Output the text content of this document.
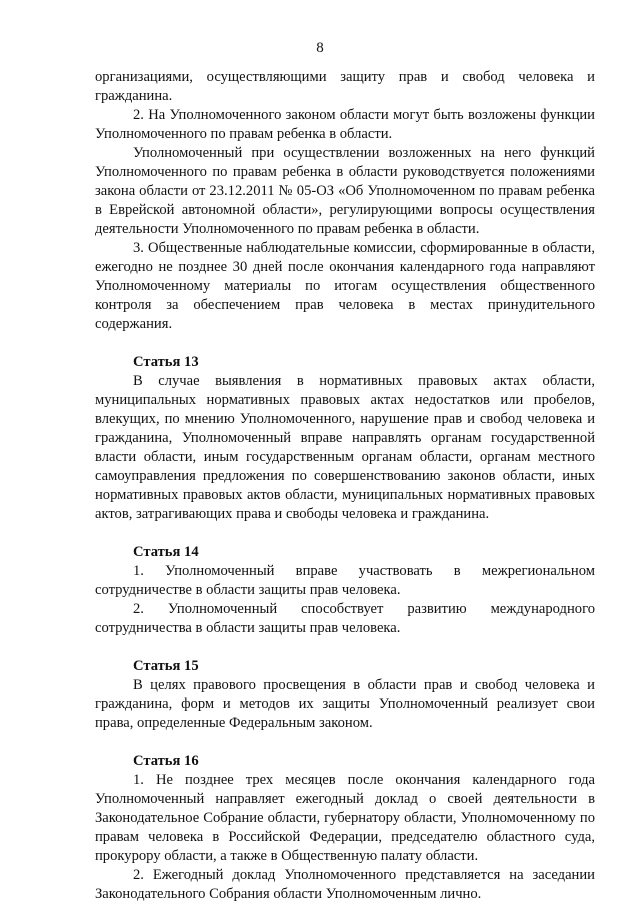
8

организациями, осуществляющими защиту прав и свобод человека и гражданина.

2. На Уполномоченного законом области могут быть возложены функции Уполномоченного по правам ребенка в области.

Уполномоченный при осуществлении возложенных на него функций Уполномоченного по правам ребенка в области руководствуется положениями закона области от 23.12.2011 № 05-ОЗ «Об Уполномоченном по правам ребенка в Еврейской автономной области», регулирующими вопросы осуществления деятельности Уполномоченного по правам ребенка в области.

3. Общественные наблюдательные комиссии, сформированные в области, ежегодно не позднее 30 дней после окончания календарного года направляют Уполномоченному материалы по итогам осуществления общественного контроля за обеспечением прав человека в местах принудительного содержания.

Статья 13

В случае выявления в нормативных правовых актах области, муниципальных нормативных правовых актах недостатков или пробелов, влекущих, по мнению Уполномоченного, нарушение прав и свобод человека и гражданина, Уполномоченный вправе направлять органам государственной власти области, иным государственным органам области, органам местного самоуправления предложения по совершенствованию законов области, иных нормативных правовых актов области, муниципальных нормативных правовых актов, затрагивающих права и свободы человека и гражданина.

Статья 14

1. Уполномоченный вправе участвовать в межрегиональном сотрудничестве в области защиты прав человека.

2. Уполномоченный способствует развитию международного сотрудничества в области защиты прав человека.

Статья 15

В целях правового просвещения в области прав и свобод человека и гражданина, форм и методов их защиты Уполномоченный реализует свои права, определенные Федеральным законом.

Статья 16

1. Не позднее трех месяцев после окончания календарного года Уполномоченный направляет ежегодный доклад о своей деятельности в Законодательное Собрание области, губернатору области, Уполномоченному по правам человека в Российской Федерации, председателю областного суда, прокурору области, а также в Общественную палату области.

2. Ежегодный доклад Уполномоченного представляется на заседании Законодательного Собрания области Уполномоченным лично.
